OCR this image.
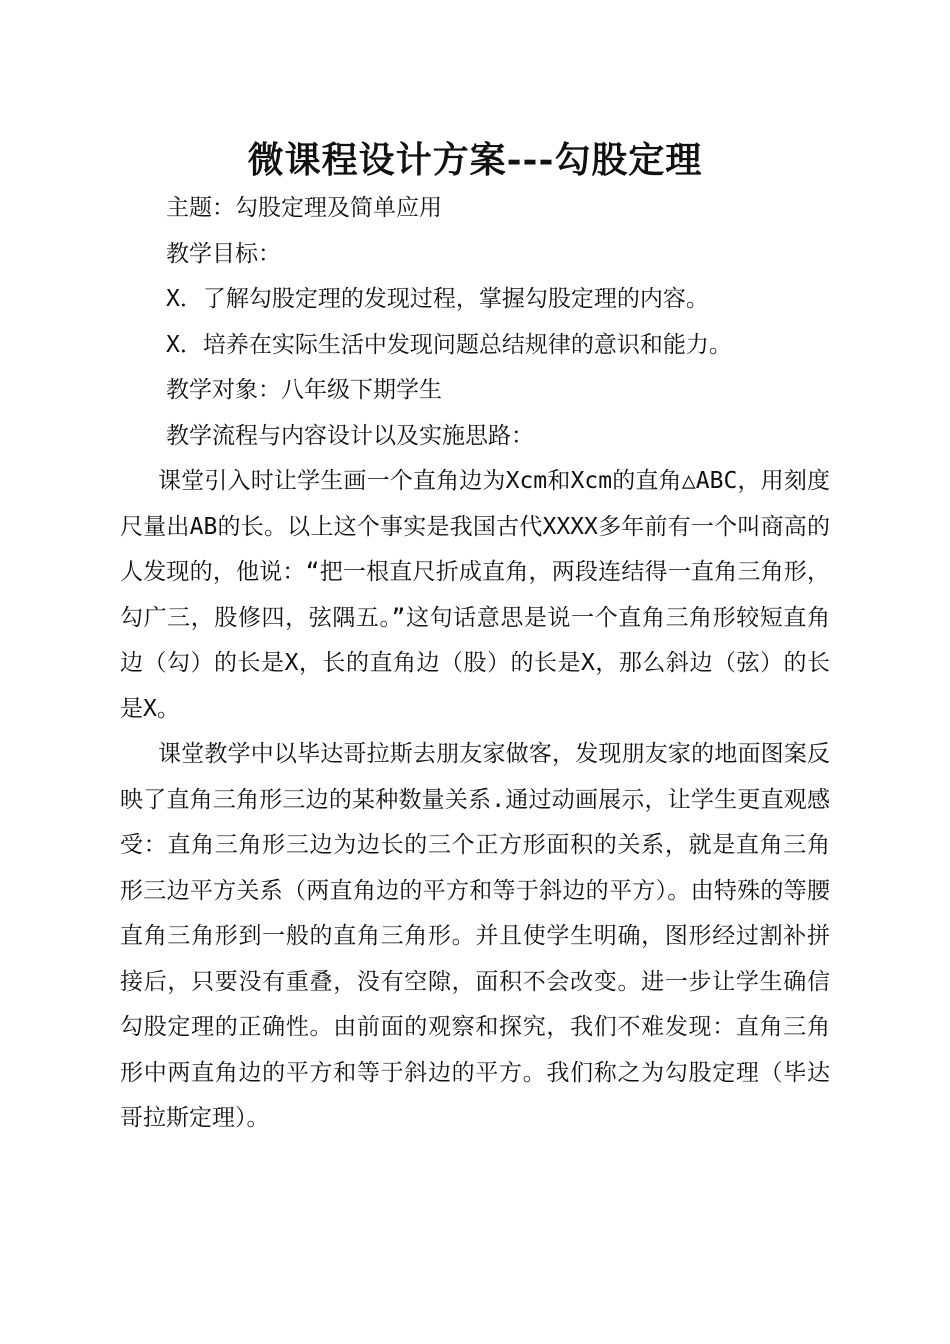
微课程设计方案---勾股定理

主题：勾股定理及简单应用

教学目标：

X．了解勾股定理的发现过程，掌握勾股定理的内容。

X．培养在实际生活中发现问题总结规律的意识和能力。

教学对象：八年级下期学生

教学流程与内容设计以及实施思路：

课堂引入时让学生画一个直角边为Xcm和Xcm的直角△ABC，用刻度尺量出AB的长。以上这个事实是我国古代XXXX多年前有一个叫商高的人发现的，他说：“把一根直尺折成直角，两段连结得一直角三角形，勾广三，股修四，弦隅五。”这句话意思是说一个直角三角形较短直角边（勾）的长是X，长的直角边（股）的长是X，那么斜边（弦）的长是X。

课堂教学中以毕达哥拉斯去朋友家做客，发现朋友家的地面图案反映了直角三角形三边的某种数量关系.通过动画展示，让学生更直观感受：直角三角形三边为边长的三个正方形面积的关系，就是直角三角形三边平方关系（两直角边的平方和等于斜边的平方）。由特殊的等腰直角三角形到一般的直角三角形。并且使学生明确，图形经过割补拼接后，只要没有重叠，没有空隙，面积不会改变。进一步让学生确信勾股定理的正确性。由前面的观察和探究，我们不难发现：直角三角形中两直角边的平方和等于斜边的平方。我们称之为勾股定理（毕达哥拉斯定理）。
